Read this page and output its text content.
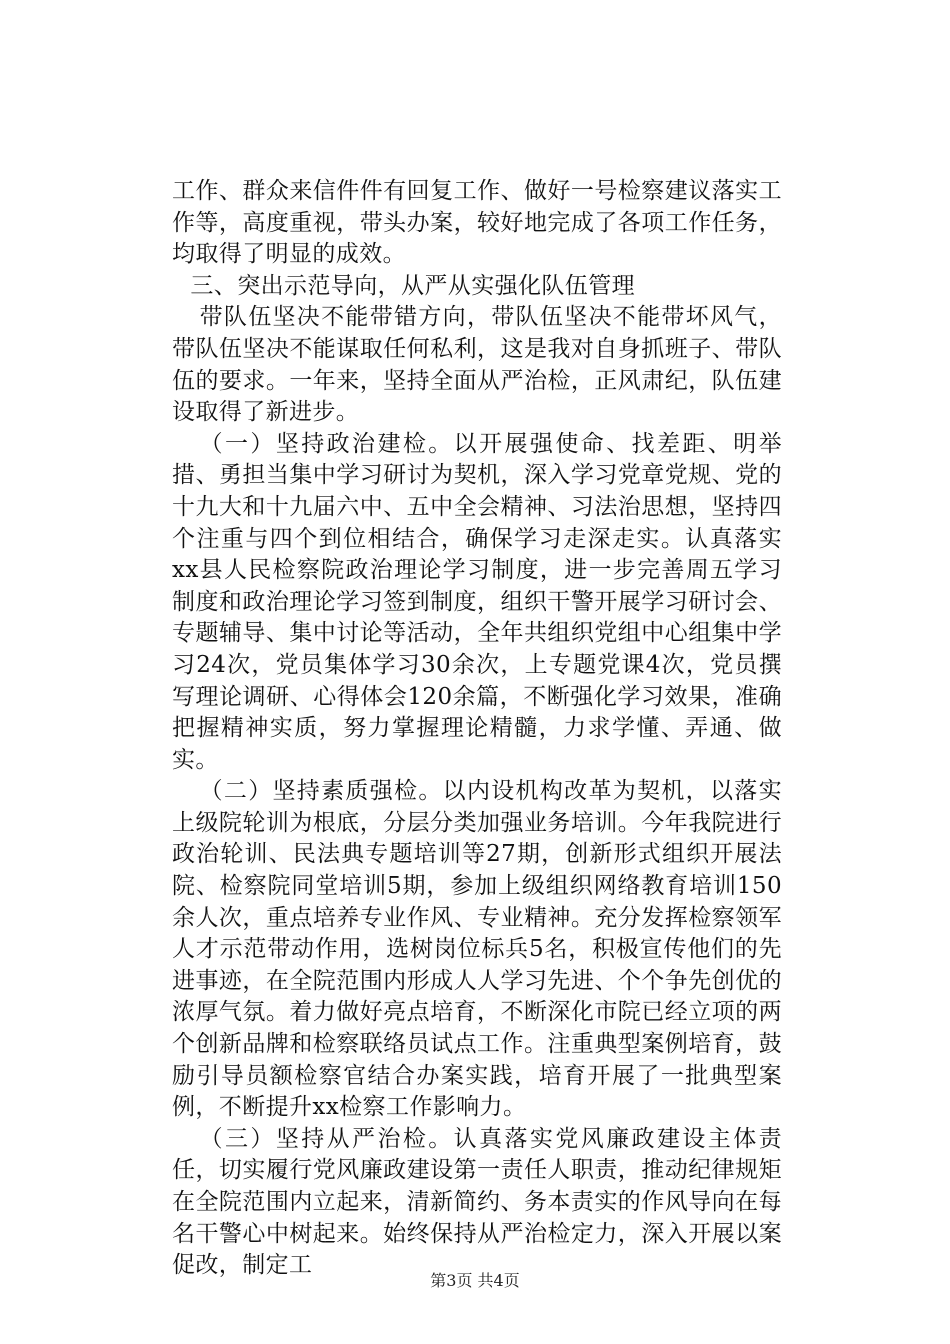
工作、群众来信件件有回复工作、做好一号检察建议落实工作等，高度重视，带头办案，较好地完成了各项工作任务，均取得了明显的成效。

三、突出示范导向，从严从实强化队伍管理

带队伍坚决不能带错方向，带队伍坚决不能带坏风气，带队伍坚决不能谋取任何私利，这是我对自身抓班子、带队伍的要求。一年来，坚持全面从严治检，正风肃纪，队伍建设取得了新进步。

（一）坚持政治建检。以开展强使命、找差距、明举措、勇担当集中学习研讨为契机，深入学习党章党规、党的十九大和十九届六中、五中全会精神、习法治思想，坚持四个注重与四个到位相结合，确保学习走深走实。认真落实xx县人民检察院政治理论学习制度，进一步完善周五学习制度和政治理论学习签到制度，组织干警开展学习研讨会、专题辅导、集中讨论等活动，全年共组织党组中心组集中学习24次，党员集体学习30余次，上专题党课4次，党员撰写理论调研、心得体会120余篇，不断强化学习效果，准确把握精神实质，努力掌握理论精髓，力求学懂、弄通、做实。

（二）坚持素质强检。以内设机构改革为契机，以落实上级院轮训为根底，分层分类加强业务培训。今年我院进行政治轮训、民法典专题培训等27期，创新形式组织开展法院、检察院同堂培训5期，参加上级组织网络教育培训150余人次，重点培养专业作风、专业精神。充分发挥检察领军人才示范带动作用，选树岗位标兵5名，积极宣传他们的先进事迹，在全院范围内形成人人学习先进、个个争先创优的浓厚气氛。着力做好亮点培育，不断深化市院已经立项的两个创新品牌和检察联络员试点工作。注重典型案例培育，鼓励引导员额检察官结合办案实践，培育开展了一批典型案例，不断提升xx检察工作影响力。

（三）坚持从严治检。认真落实党风廉政建设主体责任，切实履行党风廉政建设第一责任人职责，推动纪律规矩在全院范围内立起来，清新简约、务本责实的作风导向在每名干警心中树起来。始终保持从严治检定力，深入开展以案促改，制定工

第3页 共4页
